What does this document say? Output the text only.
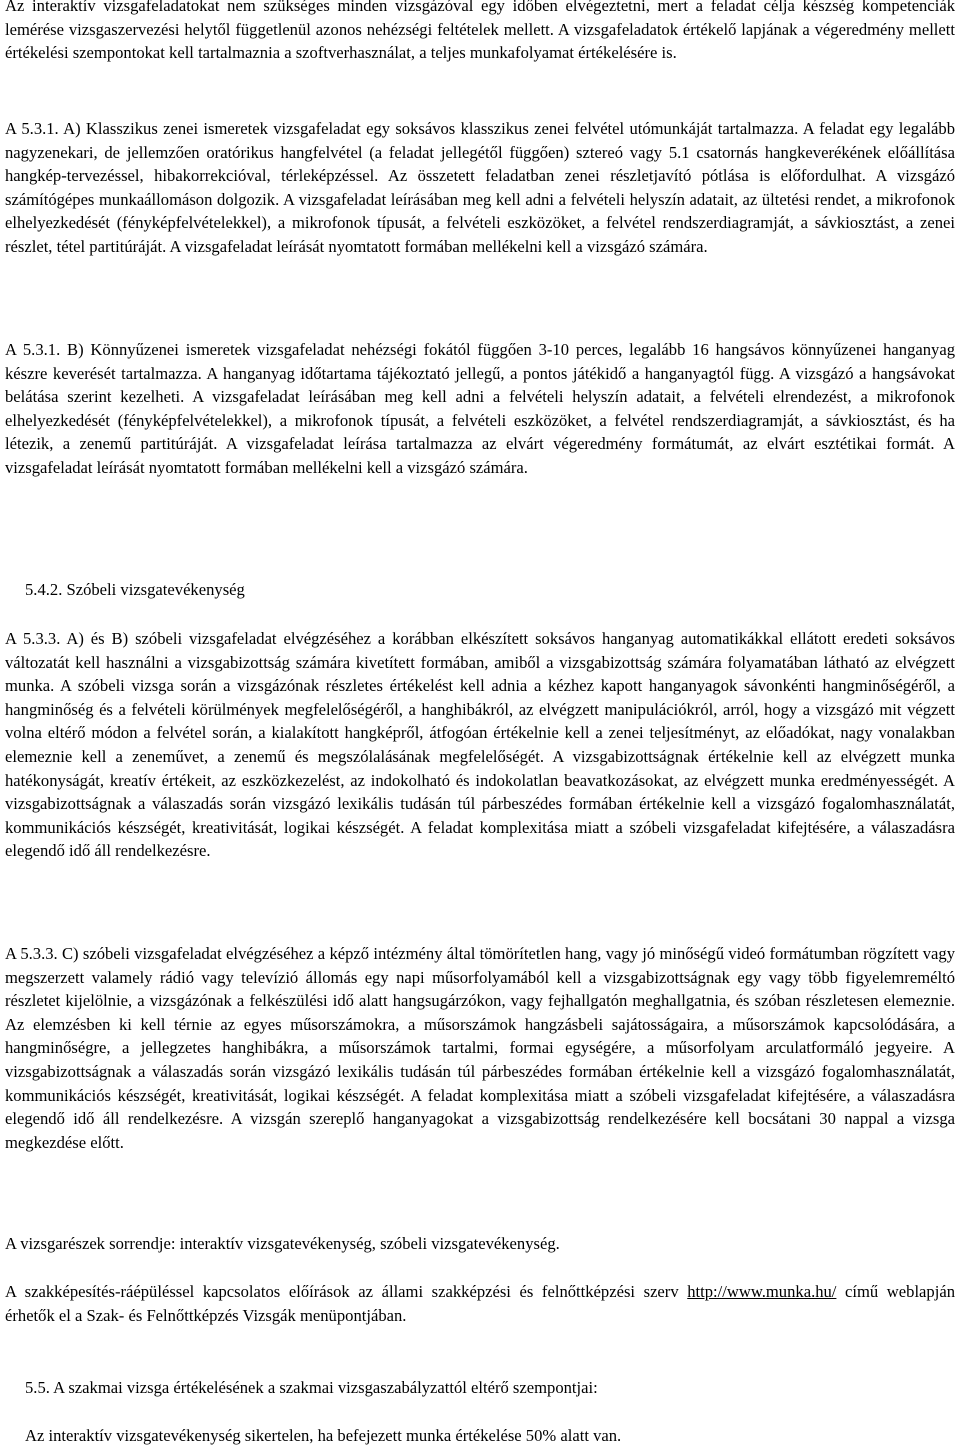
Az interaktív vizsgafeladatokat nem szükséges minden vizsgázóval egy időben elvégeztetni, mert a feladat célja készség kompetenciák lemérése vizsgaszervezési helytől függetlenül azonos nehézségi feltételek mellett. A vizsgafeladatok értékelő lapjának a végeredmény mellett értékelési szempontokat kell tartalmaznia a szoftverhasználat, a teljes munkafolyamat értékelésére is.

A 5.3.1. A) Klasszikus zenei ismeretek vizsgafeladat egy soksávos klasszikus zenei felvétel utómunkáját tartalmazza. A feladat egy legalább nagyzenekari, de jellemzően oratórikus hangfelvétel (a feladat jellegétől függően) sztereó vagy 5.1 csatornás hangkeverékének előállítása hangkép-tervezéssel, hibakorrekcióval, térleképzéssel. Az összetett feladatban zenei részletjavító pótlása is előfordulhat. A vizsgázó számítógépes munkaállomáson dolgozik. A vizsgafeladat leírásában meg kell adni a felvételi helyszín adatait, az ültetési rendet, a mikrofonok elhelyezkedését (fényképfelvételekkel), a mikrofonok típusát, a felvételi eszközöket, a felvétel rendszerdiagramját, a sávkiosztást, a zenei részlet, tétel partitúráját. A vizsgafeladat leírását nyomtatott formában mellékelni kell a vizsgázó számára.

A 5.3.1. B) Könnyűzenei ismeretek vizsgafeladat nehézségi fokától függően 3-10 perces, legalább 16 hangsávos könnyűzenei hanganyag készre keverését tartalmazza. A hanganyag időtartama tájékoztató jellegű, a pontos játékidő a hanganyagtól függ. A vizsgázó a hangsávokat belátása szerint kezelheti. A vizsgafeladat leírásában meg kell adni a felvételi helyszín adatait, a felvételi elrendezést, a mikrofonok elhelyezkedését (fényképfelvételekkel), a mikrofonok típusát, a felvételi eszközöket, a felvétel rendszerdiagramját, a sávkiosztást, és ha létezik, a zenemű partitúráját. A vizsgafeladat leírása tartalmazza az elvárt végeredmény formátumát, az elvárt esztétikai formát. A vizsgafeladat leírását nyomtatott formában mellékelni kell a vizsgázó számára.

5.4.2. Szóbeli vizsgatevékenység

A 5.3.3. A) és B) szóbeli vizsgafeladat elvégzéséhez a korábban elkészített soksávos hanganyag automatikákkal ellátott eredeti soksávos változatát kell használni a vizsgabizottság számára kivetített formában, amiből a vizsgabizottság számára folyamatában látható az elvégzett munka. A szóbeli vizsga során a vizsgázónak részletes értékelést kell adnia a kézhez kapott hanganyagok sávonkénti hangminőségéről, a hangminőség és a felvételi körülmények megfelelőségéről, a hanghibákról, az elvégzett manipulációkról, arról, hogy a vizsgázó mit végzett volna eltérő módon a felvétel során, a kialakított hangképről, átfogóan értékelnie kell a zenei teljesítményt, az előadókat, nagy vonalakban elemeznie kell a zeneművet, a zenemű és megszólalásának megfelelőségét. A vizsgabizottságnak értékelnie kell az elvégzett munka hatékonyságát, kreatív értékeit, az eszközkezelést, az indokolható és indokolatlan beavatkozásokat, az elvégzett munka eredményességét. A vizsgabizottságnak a válaszadás során vizsgázó lexikális tudásán túl párbeszédes formában értékelnie kell a vizsgázó fogalomhasználatát, kommunikációs készségét, kreativitását, logikai készségét. A feladat komplexitása miatt a szóbeli vizsgafeladat kifejtésére, a válaszadásra elegendő idő áll rendelkezésre.

A 5.3.3. C) szóbeli vizsgafeladat elvégzéséhez a képző intézmény által tömörítetlen hang, vagy jó minőségű videó formátumban rögzített vagy megszerzett valamely rádió vagy televízió állomás egy napi műsorfolyamából kell a vizsgabizottságnak egy vagy több figyelemreméltó részletet kijelölnie, a vizsgázónak a felkészülési idő alatt hangsugárzókon, vagy fejhallgatón meghallgatnia, és szóban részletesen elemeznie. Az elemzésben ki kell térnie az egyes műsorszámokra, a műsorszámok hangzásbeli sajátosságaira, a műsorszámok kapcsolódására, a hangminőségre, a jellegzetes hanghibákra, a műsorszámok tartalmi, formai egységére, a műsorfolyam arculatformáló jegyeire. A vizsgabizottságnak a válaszadás során vizsgázó lexikális tudásán túl párbeszédes formában értékelnie kell a vizsgázó fogalomhasználatát, kommunikációs készségét, kreativitását, logikai készségét. A feladat komplexitása miatt a szóbeli vizsgafeladat kifejtésére, a válaszadásra elegendő idő áll rendelkezésre. A vizsgán szereplő hanganyagokat a vizsgabizottság rendelkezésére kell bocsátani 30 nappal a vizsga megkezdése előtt.

A vizsgarészek sorrendje: interaktív vizsgatevékenység, szóbeli vizsgatevékenység.

A szakképesítés-ráépüléssel kapcsolatos előírások az állami szakképzési és felnőttképzési szerv http://www.munka.hu/ című weblapján érhetők el a Szak- és Felnőttképzés Vizsgák menüpontjában.

5.5. A szakmai vizsga értékelésének a szakmai vizsgaszabályzattól eltérő szempontjai:

Az interaktív vizsgatevékenység sikertelen, ha befejezett munka értékelése 50% alatt van.
